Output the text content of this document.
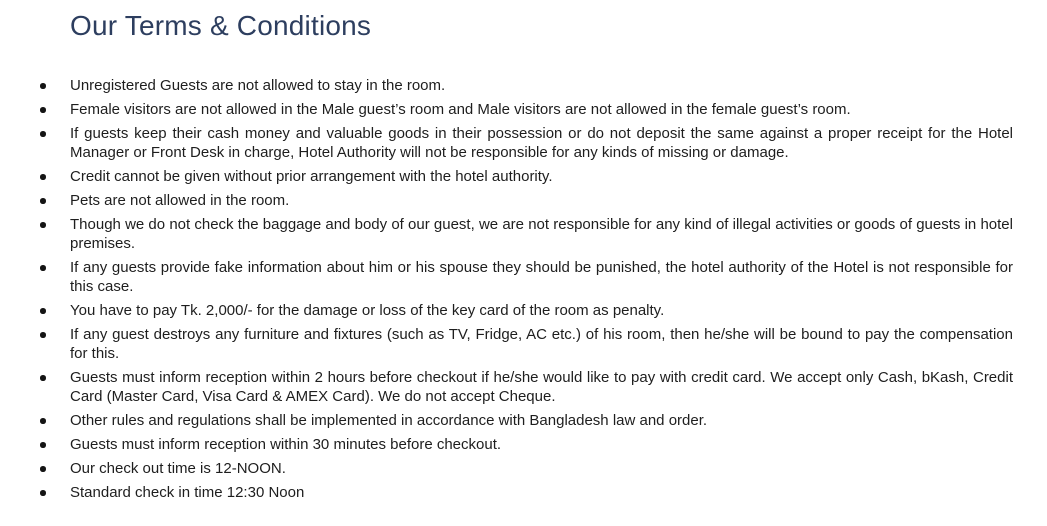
Our Terms & Conditions
Unregistered Guests are not allowed to stay in the room.
Female visitors are not allowed in the Male guest’s room and Male visitors are not allowed in the female guest’s room.
If guests keep their cash money and valuable goods in their possession or do not deposit the same against a proper receipt for the Hotel Manager or Front Desk in charge, Hotel Authority will not be responsible for any kinds of missing or damage.
Credit cannot be given without prior arrangement with the hotel authority.
Pets are not allowed in the room.
Though we do not check the baggage and body of our guest, we are not responsible for any kind of illegal activities or goods of guests in hotel premises.
If any guests provide fake information about him or his spouse they should be punished, the hotel authority of the Hotel is not responsible for this case.
You have to pay Tk. 2,000/- for the damage or loss of the key card of the room as penalty.
If any guest destroys any furniture and fixtures (such as TV, Fridge, AC etc.) of his room, then he/she will be bound to pay the compensation for this.
Guests must inform reception within 2 hours before checkout if he/she would like to pay with credit card. We accept only Cash, bKash, Credit Card (Master Card, Visa Card & AMEX Card). We do not accept Cheque.
Other rules and regulations shall be implemented in accordance with Bangladesh law and order.
Guests must inform reception within 30 minutes before checkout.
Our check out time is 12-NOON.
Standard check in time 12:30 Noon
